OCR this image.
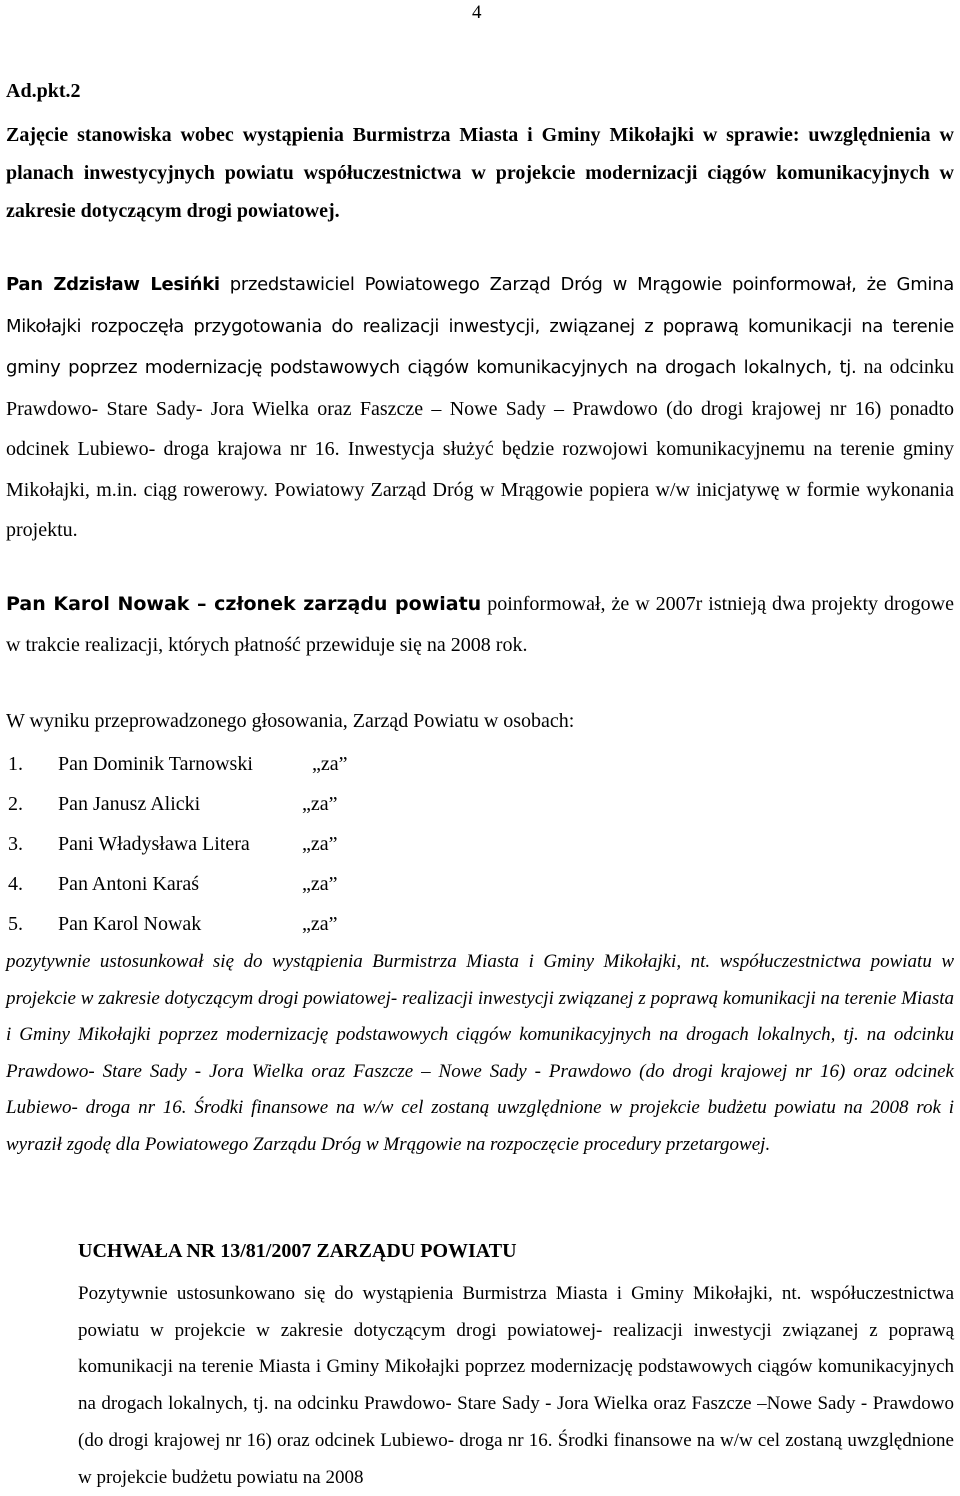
4
Ad.pkt.2
Zajęcie stanowiska wobec wystąpienia Burmistrza Miasta i Gminy Mikołajki w sprawie: uwzględnienia w planach inwestycyjnych powiatu współuczestnictwa w projekcie modernizacji ciągów komunikacyjnych w zakresie dotyczącym drogi powiatowej.

Pan Zdzisław Lesińki przedstawiciel Powiatowego Zarząd Dróg w Mrągowie poinformował, że Gmina Mikołajki rozpoczęła przygotowania do realizacji inwestycji, związanej z poprawą komunikacji na terenie gminy poprzez modernizację podstawowych ciągów komunikacyjnych na drogach lokalnych, tj. na odcinku Prawdowo- Stare Sady- Jora Wielka oraz Faszcze – Nowe Sady – Prawdowo (do drogi krajowej nr 16) ponadto odcinek Lubiewo- droga krajowa nr 16. Inwestycja służyć będzie rozwojowi komunikacyjnemu na terenie gminy Mikołajki, m.in. ciąg rowerowy. Powiatowy Zarząd Dróg w Mrągowie popiera w/w inicjatywę w formie wykonania projektu.

Pan Karol Nowak – członek zarządu powiatu poinformował, że w 2007r istnieją dwa projekty drogowe w trakcie realizacji, których płatność przewiduje się na 2008 rok.

W wyniku przeprowadzonego głosowania, Zarząd Powiatu w osobach:
1. Pan Dominik Tarnowski	„za”
2. Pan Janusz Alicki	„za”
3. Pani Władysława Litera	„za”
4. Pan Antoni Karaś	„za”
5. Pan Karol Nowak	„za”

pozytywnie ustosunkował się do wystąpienia Burmistrza Miasta i Gminy Mikołajki, nt. współuczestnictwa powiatu w projekcie w zakresie dotyczącym drogi powiatowej- realizacji inwestycji związanej z poprawą komunikacji na terenie Miasta i Gminy Mikołajki poprzez modernizację podstawowych ciągów komunikacyjnych na drogach lokalnych, tj. na odcinku Prawdowo- Stare Sady - Jora Wielka oraz Faszcze – Nowe Sady - Prawdowo (do drogi krajowej nr 16) oraz odcinek Lubiewo- droga nr 16. Środki finansowe na w/w cel zostaną uwzględnione w projekcie budżetu powiatu na 2008 rok i wyraził zgodę dla Powiatowego Zarządu Dróg w Mrągowie na rozpoczęcie procedury przetargowej.

UCHWAŁA NR 13/81/2007 ZARZĄDU POWIATU

Pozytywnie ustosunkowano się do wystąpienia Burmistrza Miasta i Gminy Mikołajki, nt. współuczestnictwa powiatu w projekcie w zakresie dotyczącym drogi powiatowej- realizacji inwestycji związanej z poprawą komunikacji na terenie Miasta i Gminy Mikołajki poprzez modernizację podstawowych ciągów komunikacyjnych na drogach lokalnych, tj. na odcinku Prawdowo- Stare Sady - Jora Wielka oraz Faszcze –Nowe Sady - Prawdowo (do drogi krajowej nr 16) oraz odcinek Lubiewo- droga nr 16. Środki finansowe na w/w cel zostaną uwzględnione w projekcie budżetu powiatu na 2008
